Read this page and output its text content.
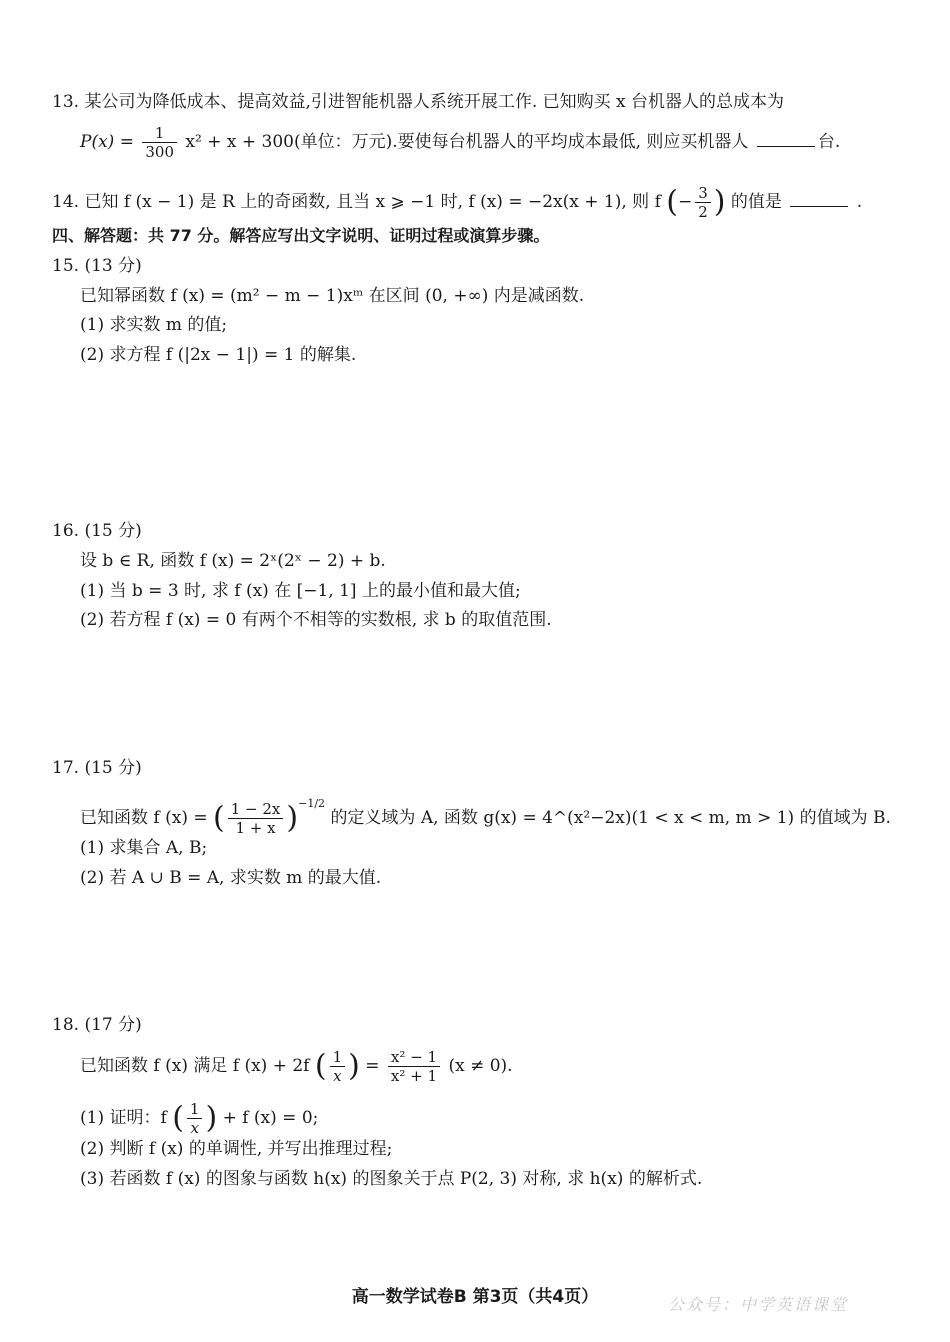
13. 某公司为降低成本、提高效益,引进智能机器人系统开展工作. 已知购买 x 台机器人的总成本为
$P(x) = \frac{1}{300} x^2 + x + 300$(单位：万元).要使每台机器人的平均成本最低, 则应买机器人	台.
14. 已知 f (x − 1) 是 R 上的奇函数, 且当 x ⩾ −1 时, f (x) = −2x(x + 1), 则 f (− $\frac{3}{2}$ ) 的值是	.
四、解答题：共 77 分。解答应写出文字说明、证明过程或演算步骤。
15. (13 分)
已知幂函数 f (x) = (m² − m − 1)xᵐ 在区间 (0, +∞) 内是减函数.
(1) 求实数 m 的值;
(2) 求方程 f (|2x − 1|) = 1 的解集.
16. (15 分)
设 b ∈ R, 函数 f (x) = 2ˣ(2ˣ − 2) + b.
(1) 当 b = 3 时, 求 f (x) 在 [−1, 1] 上的最小值和最大值;
(2) 若方程 f (x) = 0 有两个不相等的实数根, 求 b 的取值范围.
17. (15 分)
已知函数 f (x) = ( $\frac{1 - 2x}{1 + x} )^{-1/2}$ 的定义域为 A, 函数 g(x) = 4^(x²−2x)(1 < x < m, m > 1) 的值域为 B.
(1) 求集合 A, B;
(2) 若 A ∪ B = A, 求实数 m 的最大值.
18. (17 分)
已知函数 f (x) 满足 f (x) + 2f ( $\frac{1}{x}$ ) = $\frac{\text{x² − 1}}{\text{x² + 1}} (x \ne 0)$.
(1) 证明：f ( $\frac{1}{x}$ ) + f (x) = 0;
(2) 判断 f (x) 的单调性, 并写出推理过程;
(3) 若函数 f (x) 的图象与函数 h(x) 的图象关于点 P(2, 3) 对称, 求 h(x) 的解析式.
高一数学试卷B 第3页（共4页）	公众号：中学英语课堂
